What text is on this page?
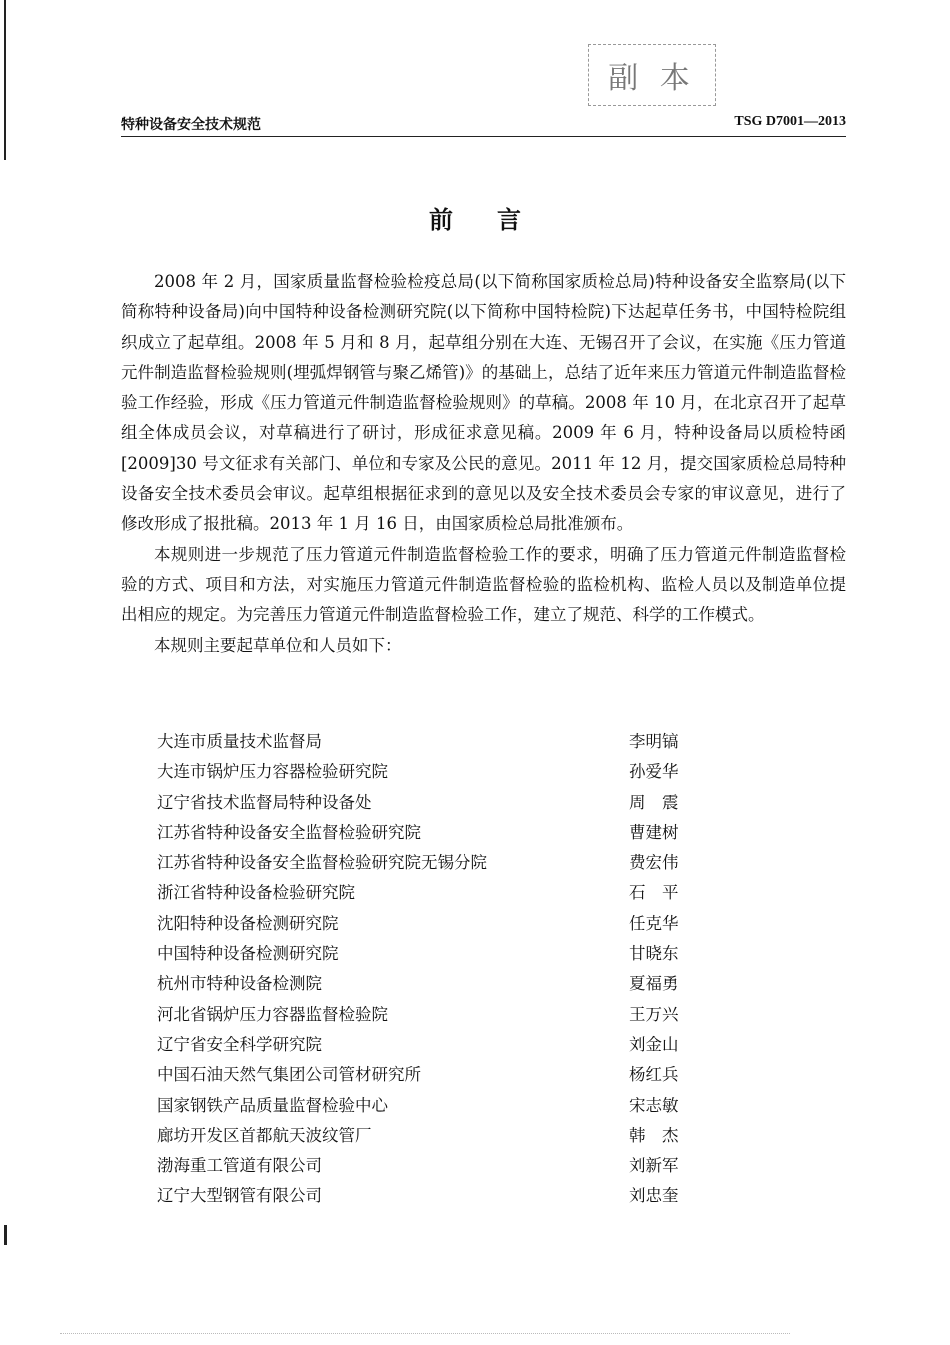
副 本
特种设备安全技术规范	TSG D7001—2013
前言

2008 年 2 月，国家质量监督检验检疫总局(以下简称国家质检总局)特种设备安全监察局(以下简称特种设备局)向中国特种设备检测研究院(以下简称中国特检院)下达起草任务书，中国特检院组织成立了起草组。2008 年 5 月和 8 月，起草组分别在大连、无锡召开了会议，在实施《压力管道元件制造监督检验规则(埋弧焊钢管与聚乙烯管)》的基础上，总结了近年来压力管道元件制造监督检验工作经验，形成《压力管道元件制造监督检验规则》的草稿。2008 年 10 月，在北京召开了起草组全体成员会议，对草稿进行了研讨，形成征求意见稿。2009 年 6 月，特种设备局以质检特函[2009]30 号文征求有关部门、单位和专家及公民的意见。2011 年 12 月，提交国家质检总局特种设备安全技术委员会审议。起草组根据征求到的意见以及安全技术委员会专家的审议意见，进行了修改形成了报批稿。2013 年 1 月 16 日，由国家质检总局批准颁布。

本规则进一步规范了压力管道元件制造监督检验工作的要求，明确了压力管道元件制造监督检验的方式、项目和方法，对实施压力管道元件制造监督检验的监检机构、监检人员以及制造单位提出相应的规定。为完善压力管道元件制造监督检验工作，建立了规范、科学的工作模式。

本规则主要起草单位和人员如下：

大连市质量技术监督局	李明镐
大连市锅炉压力容器检验研究院	孙爱华
辽宁省技术监督局特种设备处	周　震
江苏省特种设备安全监督检验研究院	曹建树
江苏省特种设备安全监督检验研究院无锡分院	费宏伟
浙江省特种设备检验研究院	石　平
沈阳特种设备检测研究院	任克华
中国特种设备检测研究院	甘晓东
杭州市特种设备检测院	夏福勇
河北省锅炉压力容器监督检验院	王万兴
辽宁省安全科学研究院	刘金山
中国石油天然气集团公司管材研究所	杨红兵
国家钢铁产品质量监督检验中心	宋志敏
廊坊开发区首都航天波纹管厂	韩　杰
渤海重工管道有限公司	刘新军
辽宁大型钢管有限公司	刘忠奎
